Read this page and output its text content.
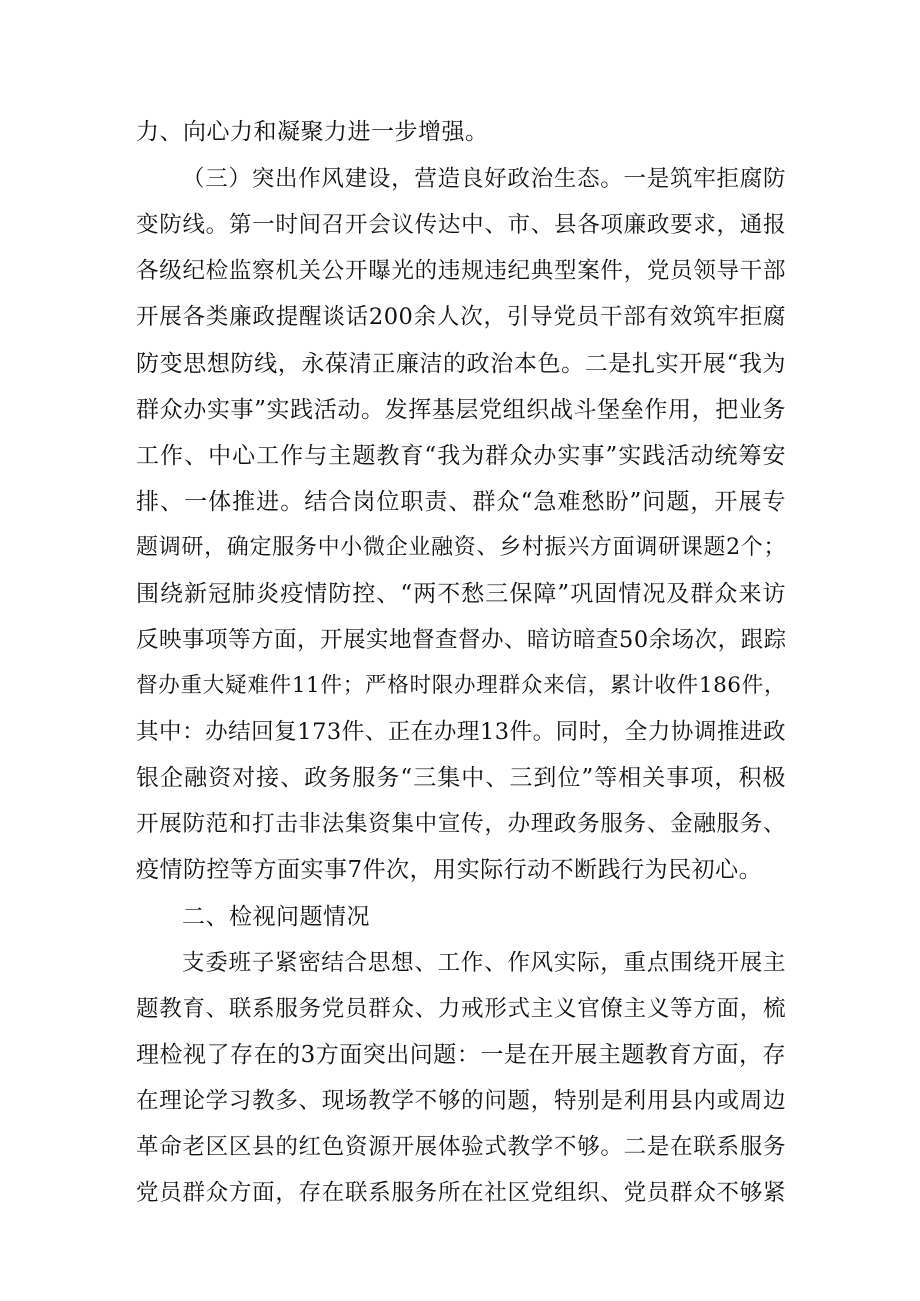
力、向心力和凝聚力进一步增强。
（三）突出作风建设，营造良好政治生态。一是筑牢拒腐防
变防线。第一时间召开会议传达中、市、县各项廉政要求，通报
各级纪检监察机关公开曝光的违规违纪典型案件，党员领导干部
开展各类廉政提醒谈话200余人次，引导党员干部有效筑牢拒腐
防变思想防线，永葆清正廉洁的政治本色。二是扎实开展“我为
群众办实事”实践活动。发挥基层党组织战斗堡垒作用，把业务
工作、中心工作与主题教育“我为群众办实事”实践活动统筹安
排、一体推进。结合岗位职责、群众“急难愁盼”问题，开展专
题调研，确定服务中小微企业融资、乡村振兴方面调研课题2个；
围绕新冠肺炎疫情防控、“两不愁三保障”巩固情况及群众来访
反映事项等方面，开展实地督查督办、暗访暗查50余场次，跟踪
督办重大疑难件11件；严格时限办理群众来信，累计收件186件，
其中：办结回复173件、正在办理13件。同时，全力协调推进政
银企融资对接、政务服务“三集中、三到位”等相关事项，积极
开展防范和打击非法集资集中宣传，办理政务服务、金融服务、
疫情防控等方面实事7件次，用实际行动不断践行为民初心。
二、检视问题情况
支委班子紧密结合思想、工作、作风实际，重点围绕开展主
题教育、联系服务党员群众、力戒形式主义官僚主义等方面，梳
理检视了存在的3方面突出问题：一是在开展主题教育方面，存
在理论学习教多、现场教学不够的问题，特别是利用县内或周边
革命老区区县的红色资源开展体验式教学不够。二是在联系服务
党员群众方面，存在联系服务所在社区党组织、党员群众不够紧
